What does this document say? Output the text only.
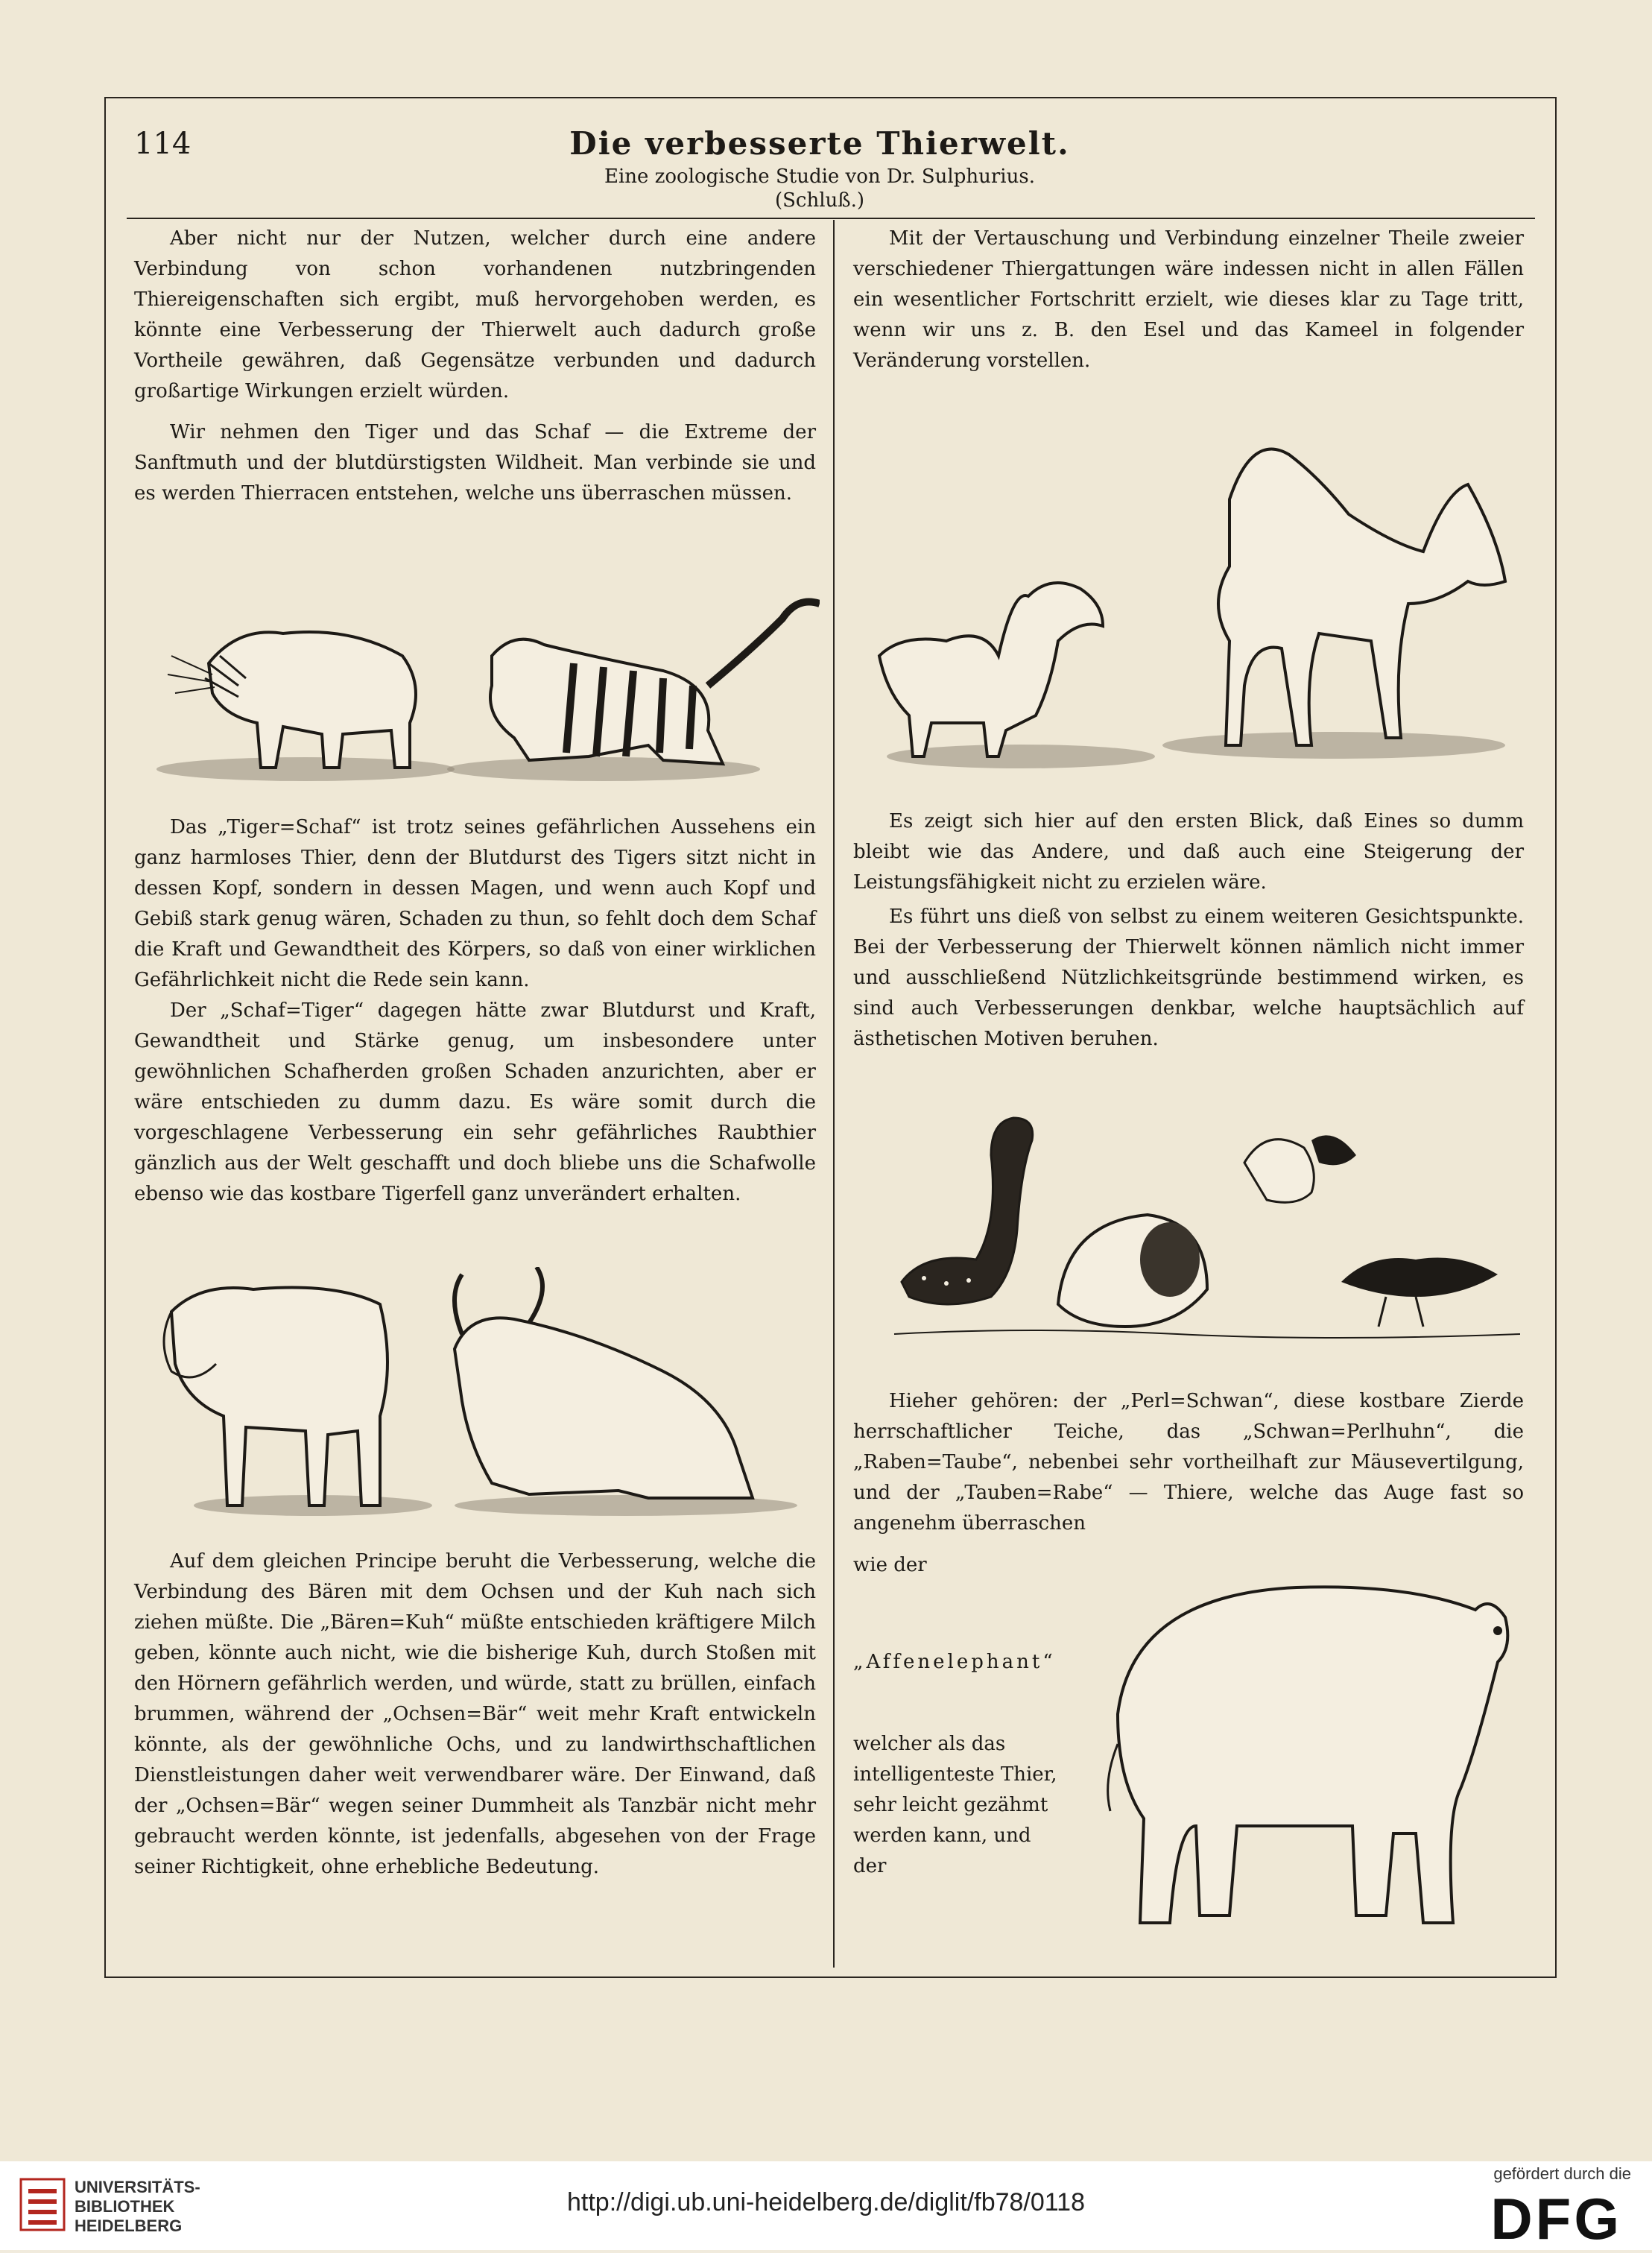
114	Die verbesserte Thierwelt.
Eine zoologische Studie von Dr. Sulphurius.
(Schluß.)

Aber nicht nur der Nutzen, welcher durch eine andere Verbindung von schon vorhandenen nutzbringenden Thiereigenschaften sich ergibt, muß hervorgehoben werden, es könnte eine Verbesserung der Thierwelt auch dadurch große Vortheile gewähren, daß Gegensätze verbunden und dadurch großartige Wirkungen erzielt würden.

Wir nehmen den Tiger und das Schaf — die Extreme der Sanftmuth und der blutdürstigsten Wildheit. Man verbinde sie und es werden Thierracen entstehen, welche uns überraschen müssen.

Das „Tiger=Schaf“ ist trotz seines gefährlichen Aussehens ein ganz harmloses Thier, denn der Blutdurst des Tigers sitzt nicht in dessen Kopf, sondern in dessen Magen, und wenn auch Kopf und Gebiß stark genug wären, Schaden zu thun, so fehlt doch dem Schaf die Kraft und Gewandtheit des Körpers, so daß von einer wirklichen Gefährlichkeit nicht die Rede sein kann.

Der „Schaf=Tiger“ dagegen hätte zwar Blutdurst und Kraft, Gewandtheit und Stärke genug, um insbesondere unter gewöhnlichen Schafherden großen Schaden anzurichten, aber er wäre entschieden zu dumm dazu. Es wäre somit durch die vorgeschlagene Verbesserung ein sehr gefährliches Raubthier gänzlich aus der Welt geschafft und doch bliebe uns die Schafwolle ebenso wie das kostbare Tigerfell ganz unverändert erhalten.

Auf dem gleichen Principe beruht die Verbesserung, welche die Verbindung des Bären mit dem Ochsen und der Kuh nach sich ziehen müßte. Die „Bären=Kuh“ müßte entschieden kräftigere Milch geben, könnte auch nicht, wie die bisherige Kuh, durch Stoßen mit den Hörnern gefährlich werden, und würde, statt zu brüllen, einfach brummen, während der „Ochsen=Bär“ weit mehr Kraft entwickeln könnte, als der gewöhnliche Ochs, und zu landwirthschaftlichen Dienstleistungen daher weit verwendbarer wäre. Der Einwand, daß der „Ochsen=Bär“ wegen seiner Dummheit als Tanzbär nicht mehr gebraucht werden könnte, ist jedenfalls, abgesehen von der Frage seiner Richtigkeit, ohne erhebliche Bedeutung.

Mit der Vertauschung und Verbindung einzelner Theile zweier verschiedener Thiergattungen wäre indessen nicht in allen Fällen ein wesentlicher Fortschritt erzielt, wie dieses klar zu Tage tritt, wenn wir uns z. B. den Esel und das Kameel in folgender Veränderung vorstellen.

Es zeigt sich hier auf den ersten Blick, daß Eines so dumm bleibt wie das Andere, und daß auch eine Steigerung der Leistungsfähigkeit nicht zu erzielen wäre.

Es führt uns dieß von selbst zu einem weiteren Gesichtspunkte. Bei der Verbesserung der Thierwelt können nämlich nicht immer und ausschließend Nützlichkeitsgründe bestimmend wirken, es sind auch Verbesserungen denkbar, welche hauptsächlich auf ästhetischen Motiven beruhen.

Hieher gehören: der „Perl=Schwan“, diese kostbare Zierde herrschaftlicher Teiche, das „Schwan=Perlhuhn“, die „Raben=Taube“, nebenbei sehr vortheilhaft zur Mäusevertilgung, und der „Tauben=Rabe“ — Thiere, welche das Auge fast so angenehm überraschen

wie der

„Affenelephant“

welcher als das intelligenteste Thier, sehr leicht gezähmt werden kann, und der

UNIVERSITÄTS-
BIBLIOTHEK
HEIDELBERG
http://digi.ub.uni-heidelberg.de/diglit/fb78/0118
gefördert durch die
DFG
